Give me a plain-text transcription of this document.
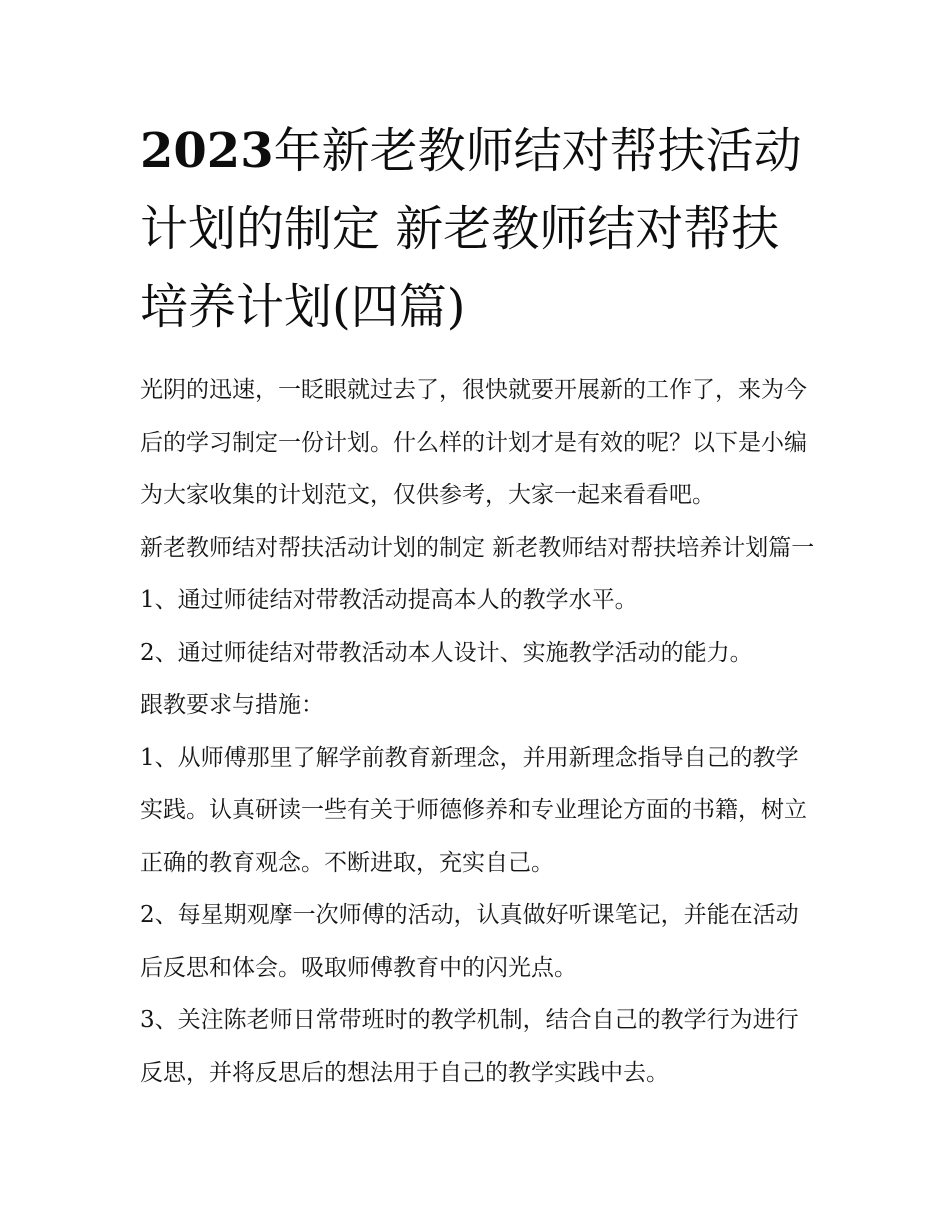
2023年新老教师结对帮扶活动计划的制定 新老教师结对帮扶培养计划(四篇)

光阴的迅速，一眨眼就过去了，很快就要开展新的工作了，来为今后的学习制定一份计划。什么样的计划才是有效的呢？以下是小编为大家收集的计划范文，仅供参考，大家一起来看看吧。

新老教师结对帮扶活动计划的制定 新老教师结对帮扶培养计划篇一 1、通过师徒结对带教活动提高本人的教学水平。

2、通过师徒结对带教活动本人设计、实施教学活动的能力。

跟教要求与措施：

1、从师傅那里了解学前教育新理念，并用新理念指导自己的教学实践。认真研读一些有关于师德修养和专业理论方面的书籍，树立正确的教育观念。不断进取，充实自己。

2、每星期观摩一次师傅的活动，认真做好听课笔记，并能在活动后反思和体会。吸取师傅教育中的闪光点。

3、关注陈老师日常带班时的教学机制，结合自己的教学行为进行反思，并将反思后的想法用于自己的教学实践中去。
